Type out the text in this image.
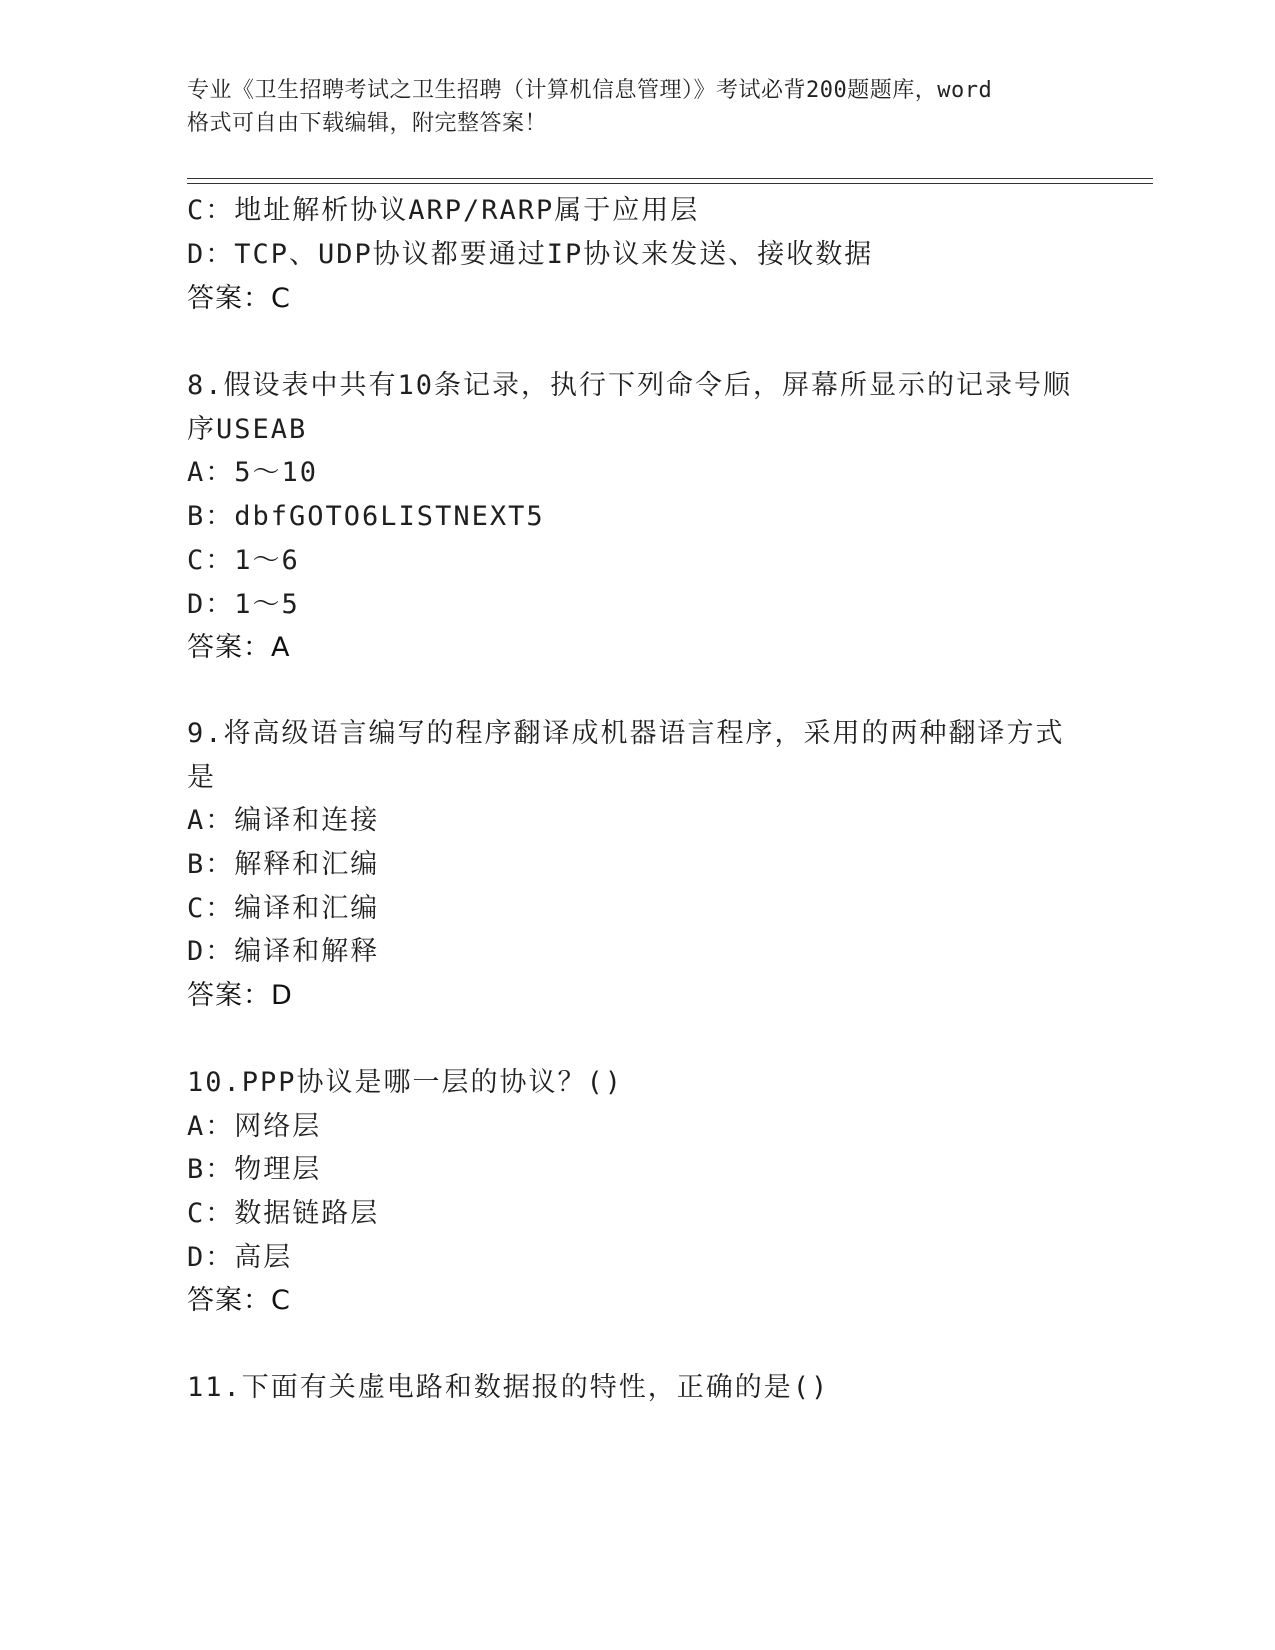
专业《卫生招聘考试之卫生招聘（计算机信息管理）》考试必背200题题库，word
格式可自由下载编辑，附完整答案！
C：地址解析协议ARP/RARP属于应用层
D：TCP、UDP协议都要通过IP协议来发送、接收数据
答案：C
8.假设表中共有10条记录，执行下列命令后，屏幕所显示的记录号顺
序USEAB
A：5～10
B：dbfGOTO6LISTNEXT5
C：1～6
D：1～5
答案：A
9.将高级语言编写的程序翻译成机器语言程序，采用的两种翻译方式
是
A：编译和连接
B：解释和汇编
C：编译和汇编
D：编译和解释
答案：D
10.PPP协议是哪一层的协议？()
A：网络层
B：物理层
C：数据链路层
D：高层
答案：C
11.下面有关虚电路和数据报的特性，正确的是()
